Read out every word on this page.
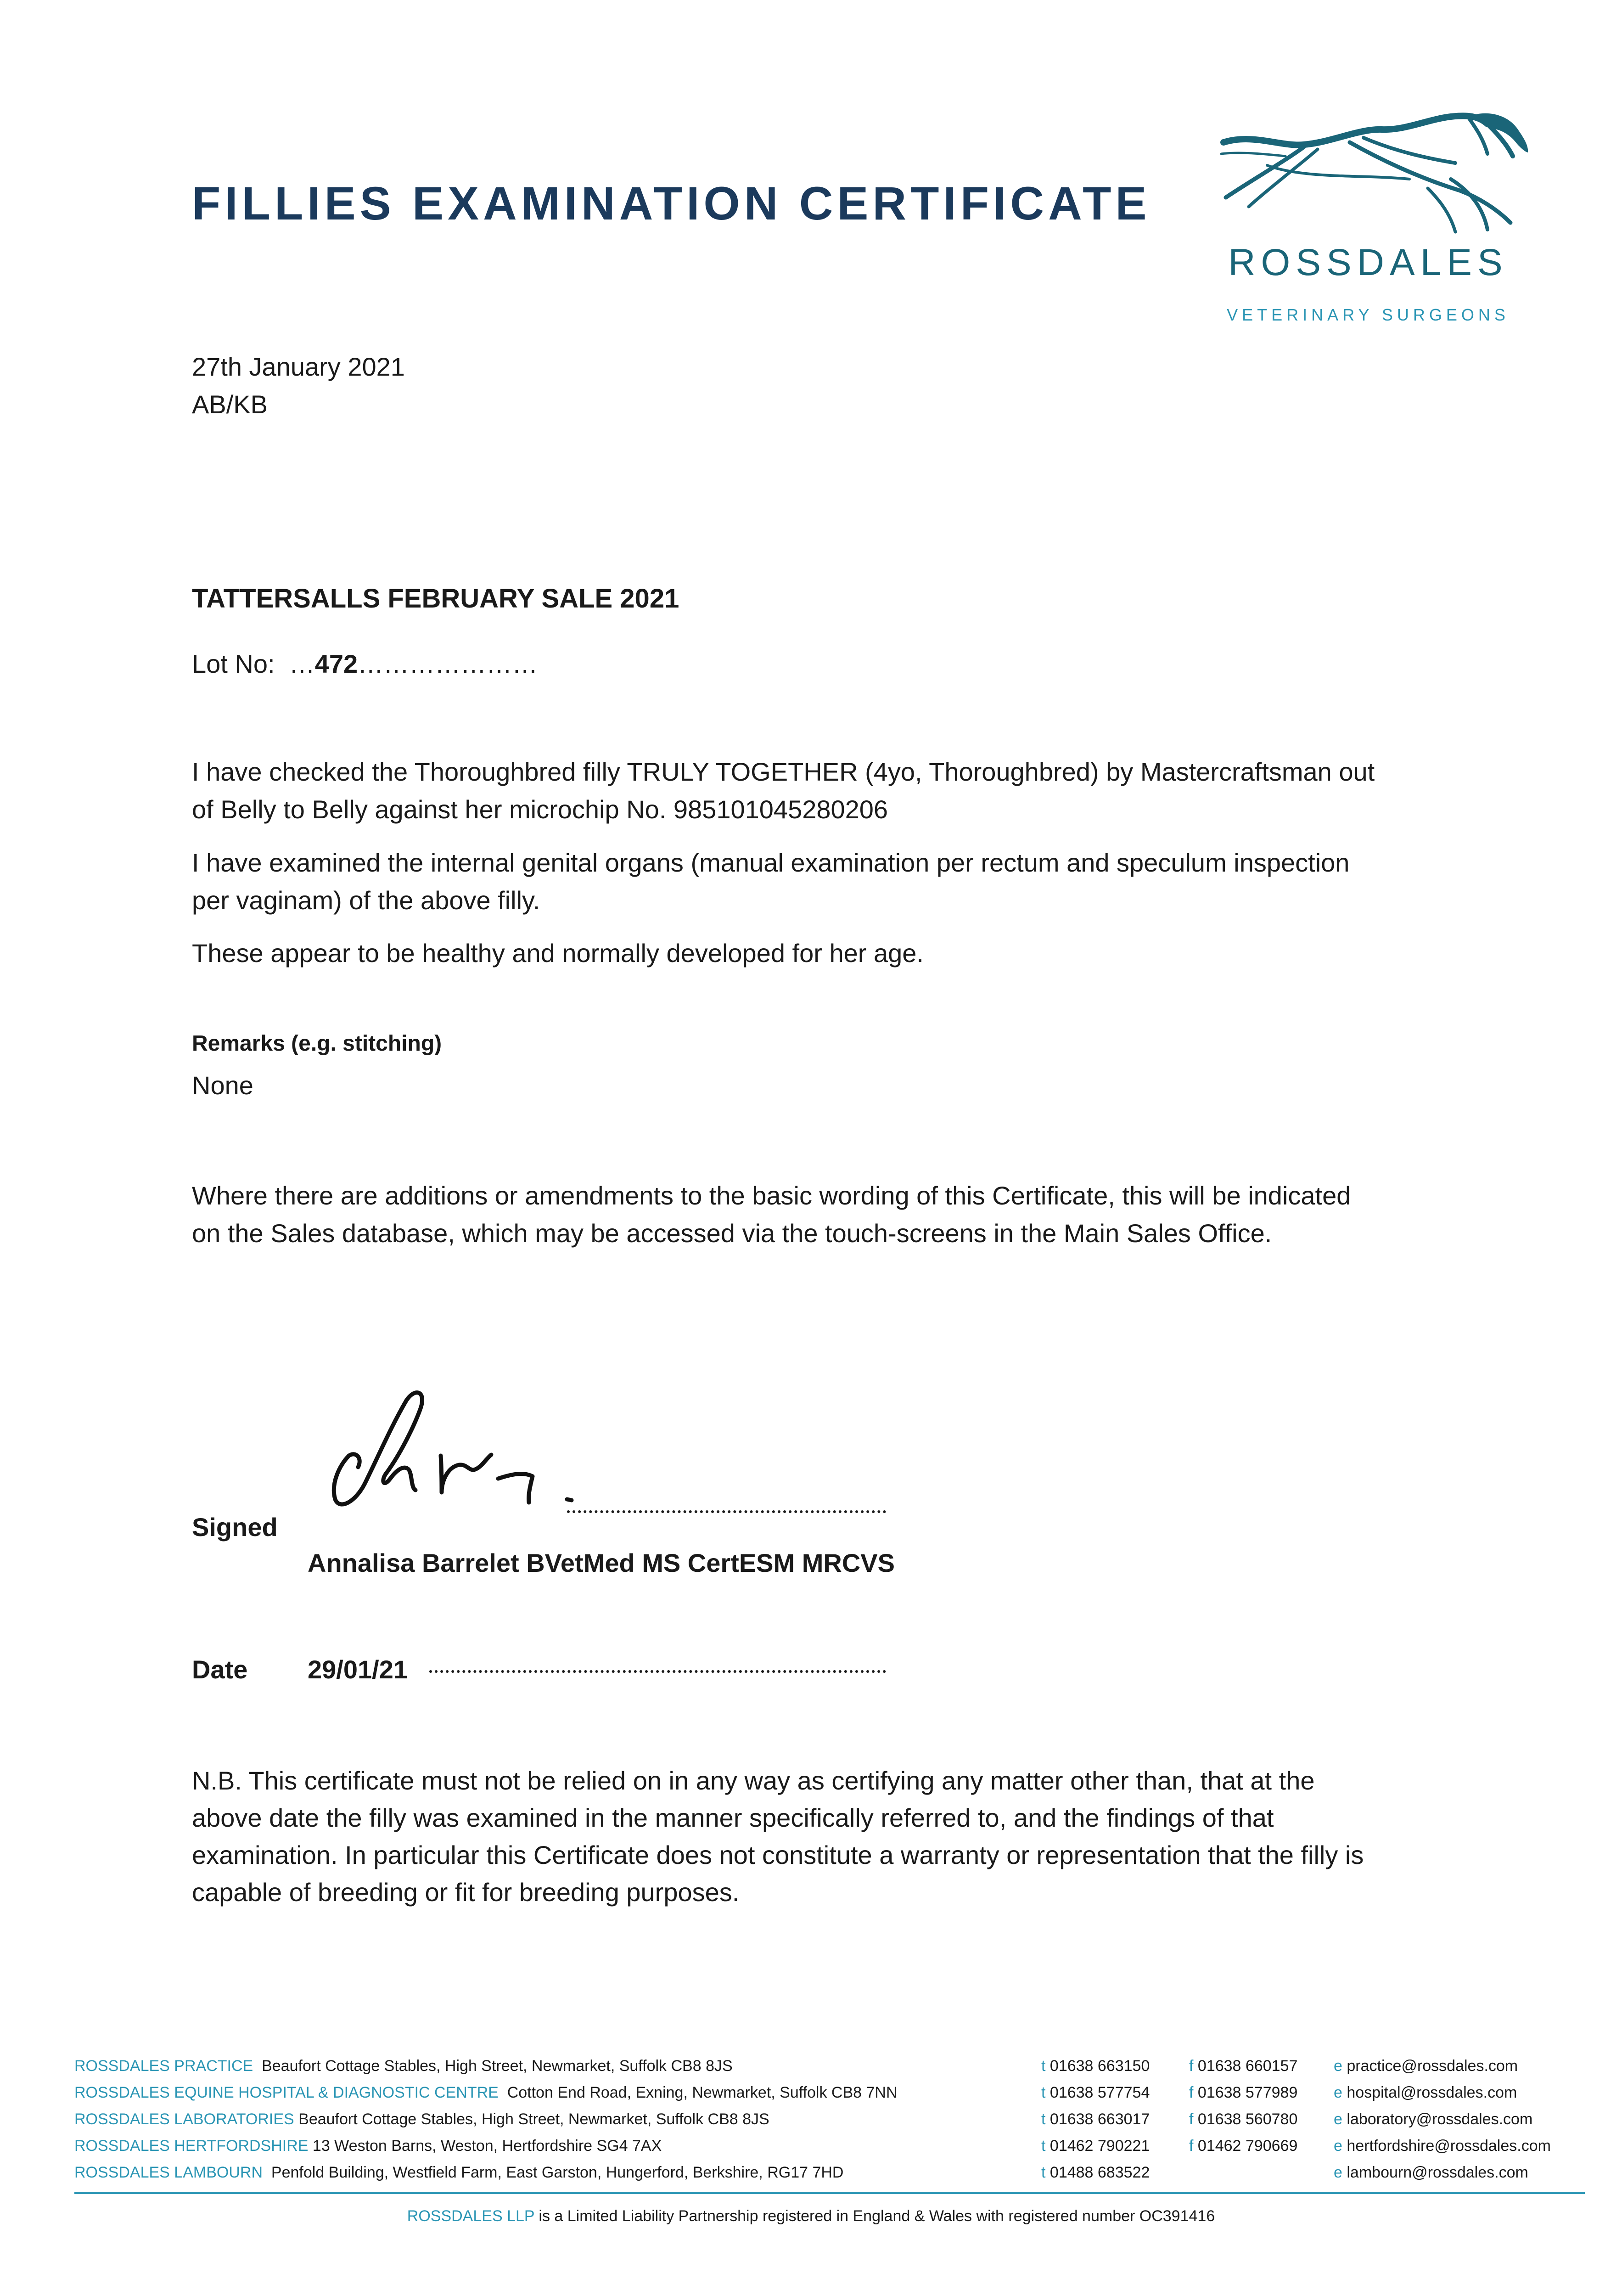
FILLIES EXAMINATION CERTIFICATE
ROSSDALES
VETERINARY SURGEONS
27th January 2021
AB/KB
TATTERSALLS FEBRUARY SALE 2021
Lot No: …472…………………
I have checked the Thoroughbred filly TRULY TOGETHER (4yo, Thoroughbred) by Mastercraftsman out
of Belly to Belly against her microchip No. 985101045280206
I have examined the internal genital organs (manual examination per rectum and speculum inspection
per vaginam) of the above filly.
These appear to be healthy and normally developed for her age.
Remarks (e.g. stitching)
None
Where there are additions or amendments to the basic wording of this Certificate, this will be indicated
on the Sales database, which may be accessed via the touch-screens in the Main Sales Office.
Signed
Annalisa Barrelet BVetMed MS CertESM MRCVS
Date 29/01/21
N.B. This certificate must not be relied on in any way as certifying any matter other than, that at the
above date the filly was examined in the manner specifically referred to, and the findings of that
examination. In particular this Certificate does not constitute a warranty or representation that the filly is
capable of breeding or fit for breeding purposes.
ROSSDALES PRACTICE Beaufort Cottage Stables, High Street, Newmarket, Suffolk CB8 8JS
ROSSDALES EQUINE HOSPITAL & DIAGNOSTIC CENTRE Cotton End Road, Exning, Newmarket, Suffolk CB8 7NN
ROSSDALES LABORATORIES Beaufort Cottage Stables, High Street, Newmarket, Suffolk CB8 8JS
ROSSDALES HERTFORDSHIRE 13 Weston Barns, Weston, Hertfordshire SG4 7AX
ROSSDALES LAMBOURN Penfold Building, Westfield Farm, East Garston, Hungerford, Berkshire, RG17 7HD
t 01638 663150
t 01638 577754
t 01638 663017
t 01462 790221
t 01488 683522
f 01638 660157
f 01638 577989
f 01638 560780
f 01462 790669
e practice@rossdales.com
e hospital@rossdales.com
e laboratory@rossdales.com
e hertfordshire@rossdales.com
e lambourn@rossdales.com
ROSSDALES LLP is a Limited Liability Partnership registered in England & Wales with registered number OC391416
